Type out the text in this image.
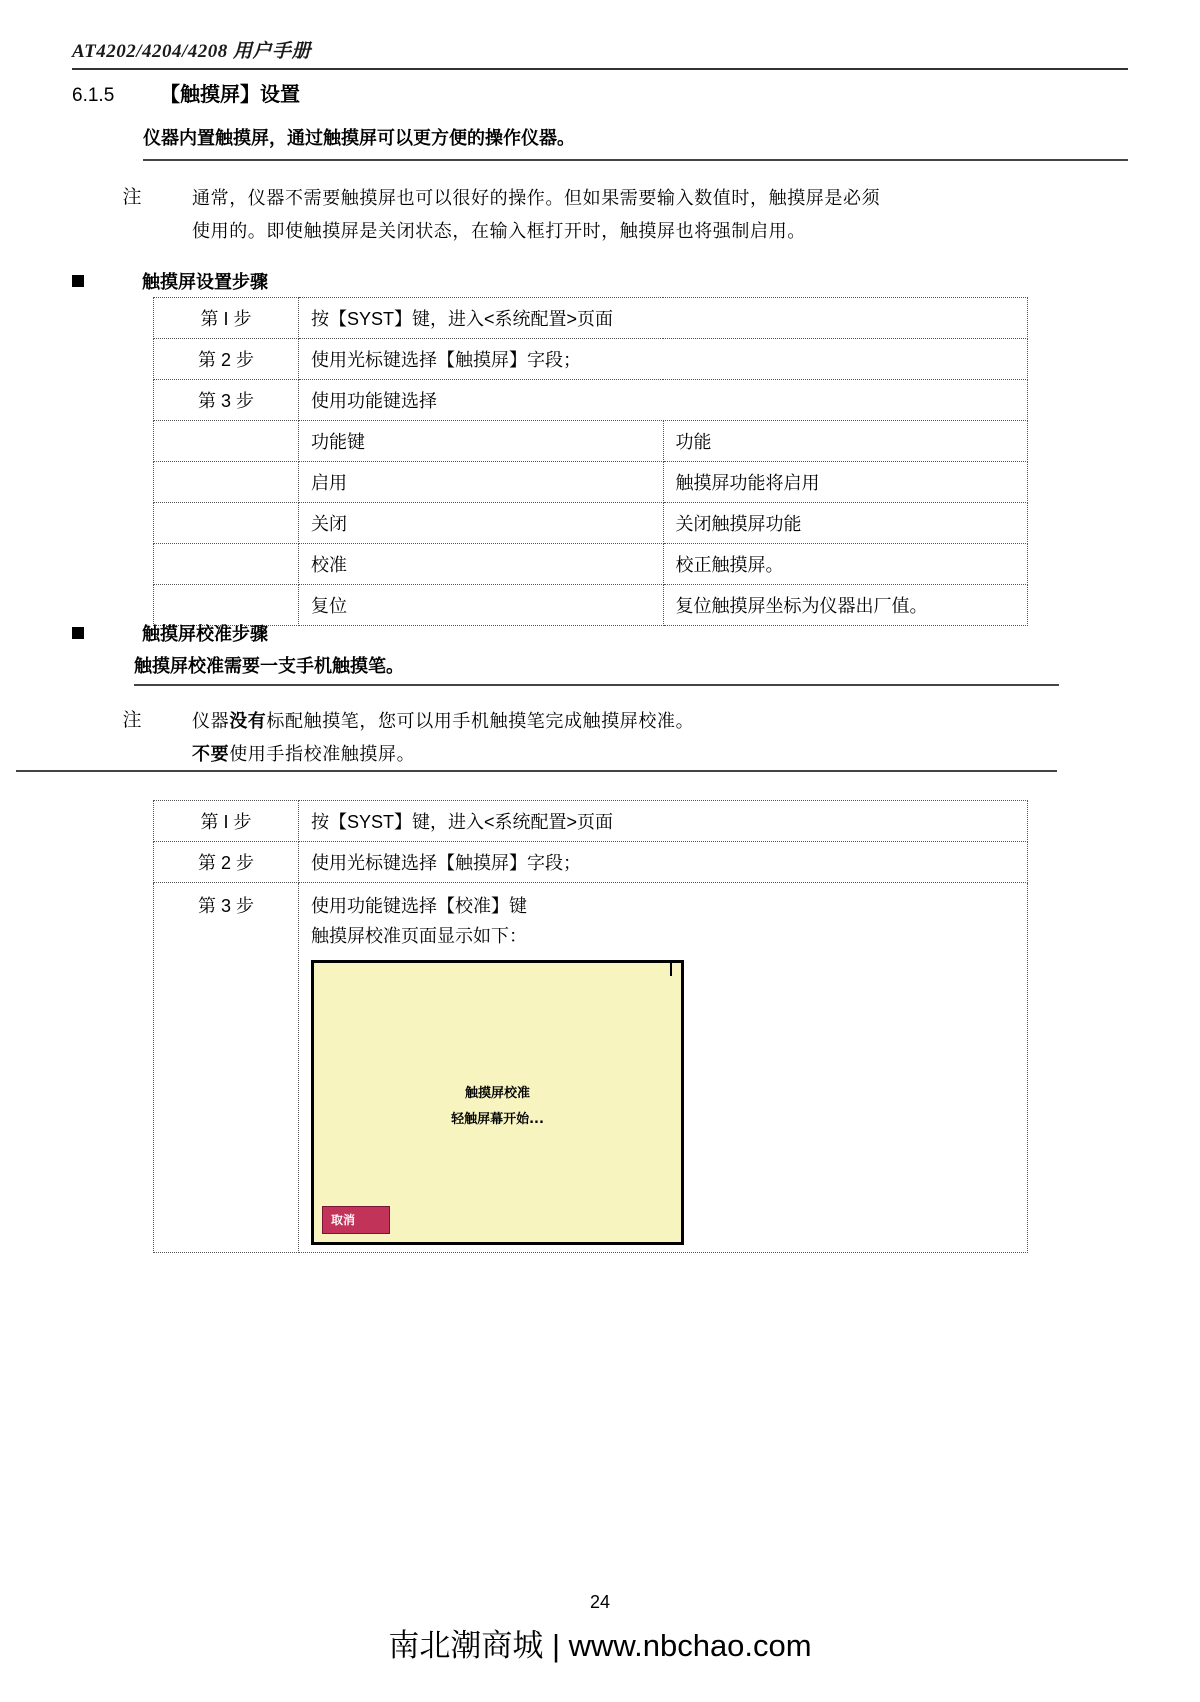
AT4202/4204/4208 用户手册
6.1.5	【触摸屏】设置
仪器内置触摸屏，通过触摸屏可以更方便的操作仪器。
注	通常，仪器不需要触摸屏也可以很好的操作。但如果需要输入数值时，触摸屏是必须
使用的。即使触摸屏是关闭状态，在输入框打开时，触摸屏也将强制启用。
触摸屏设置步骤
第 I 步	按【SYST】键，进入<系统配置>页面	
第 2 步	使用光标键选择【触摸屏】字段；	
第 3 步	使用功能键选择	
	功能键	功能
	启用	触摸屏功能将启用
	关闭	关闭触摸屏功能
	校准	校正触摸屏。
	复位	复位触摸屏坐标为仪器出厂值。
触摸屏校准步骤
触摸屏校准需要一支手机触摸笔。
注	仪器没有标配触摸笔，您可以用手机触摸笔完成触摸屏校准。
不要使用手指校准触摸屏。
第 I 步	按【SYST】键，进入<系统配置>页面
第 2 步	使用光标键选择【触摸屏】字段；
第 3 步	使用功能键选择【校准】键
触摸屏校准页面显示如下：
触摸屏校准
轻触屏幕开始...
取消
24
南北潮商城 | www.nbchao.com
